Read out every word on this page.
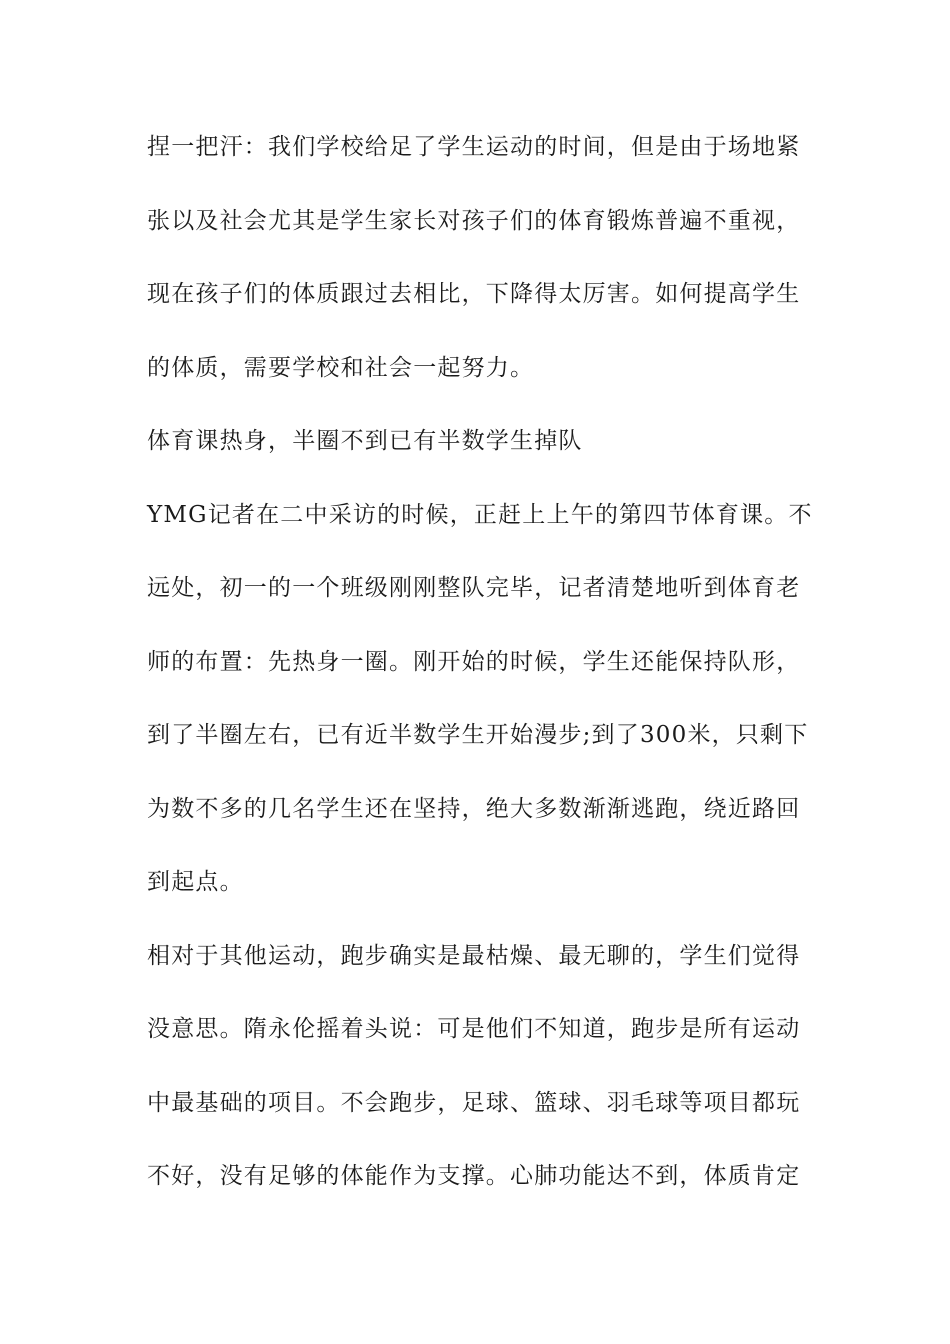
捏一把汗：我们学校给足了学生运动的时间，但是由于场地紧
张以及社会尤其是学生家长对孩子们的体育锻炼普遍不重视，
现在孩子们的体质跟过去相比，下降得太厉害。如何提高学生
的体质，需要学校和社会一起努力。
体育课热身，半圈不到已有半数学生掉队
YMG记者在二中采访的时候，正赶上上午的第四节体育课。不
远处，初一的一个班级刚刚整队完毕，记者清楚地听到体育老
师的布置：先热身一圈。刚开始的时候，学生还能保持队形，
到了半圈左右，已有近半数学生开始漫步;到了300米，只剩下
为数不多的几名学生还在坚持，绝大多数渐渐逃跑，绕近路回
到起点。
相对于其他运动，跑步确实是最枯燥、最无聊的，学生们觉得
没意思。隋永伦摇着头说：可是他们不知道，跑步是所有运动
中最基础的项目。不会跑步，足球、篮球、羽毛球等项目都玩
不好，没有足够的体能作为支撑。心肺功能达不到，体质肯定
